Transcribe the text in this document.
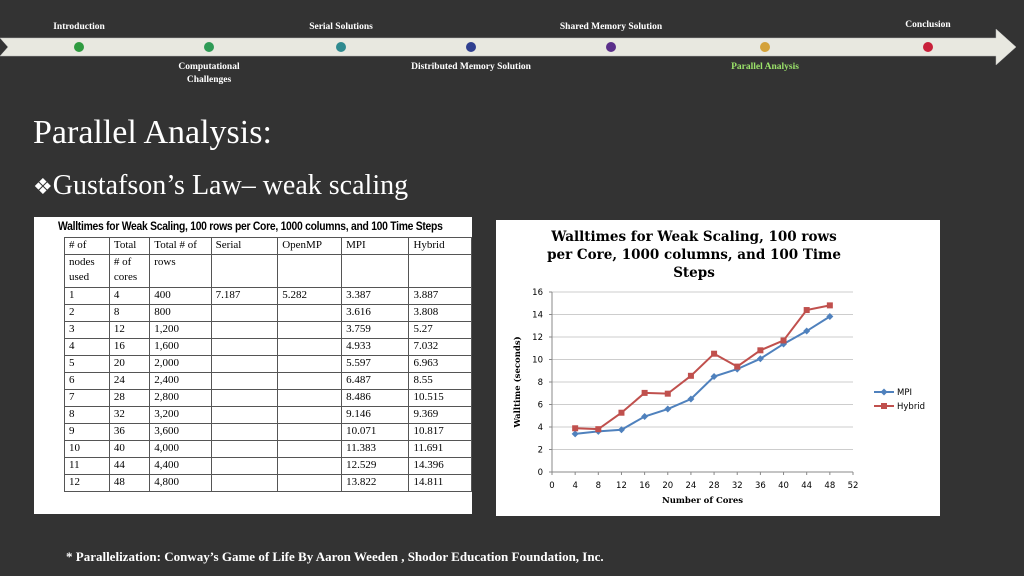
Introduction
Computational Challenges
Serial Solutions
Distributed Memory Solution
Shared Memory Solution
Parallel Analysis
Conclusion
Parallel Analysis:
❖Gustafson’s Law– weak scaling
Walltimes for Weak Scaling, 100 rows per Core, 1000 columns, and 100 Time Steps
# of	Total	Total # of	Serial	OpenMP	MPI	Hybrid
nodes used	# of cores	rows				
1	4	400	7.187	5.282	3.387	3.887
2	8	800			3.616	3.808
3	12	1,200			3.759	5.27
4	16	1,600			4.933	7.032
5	20	2,000			5.597	6.963
6	24	2,400			6.487	8.55
7	28	2,800			8.486	10.515
8	32	3,200			9.146	9.369
9	36	3,600			10.071	10.817
10	40	4,000			11.383	11.691
11	44	4,400			12.529	14.396
12	48	4,800			13.822	14.811
Walltimes for Weak Scaling, 100 rows
per Core, 1000 columns, and 100 Time
Steps
0
2
4
6
8
10
12
14
16
0 4 8 12 16 20 24 28 32 36 40 44 48 52
Number of Cores
Walltime (seconds)	MPI
Hybrid
* Parallelization: Conway’s Game of Life By Aaron Weeden , Shodor Education Foundation, Inc.
